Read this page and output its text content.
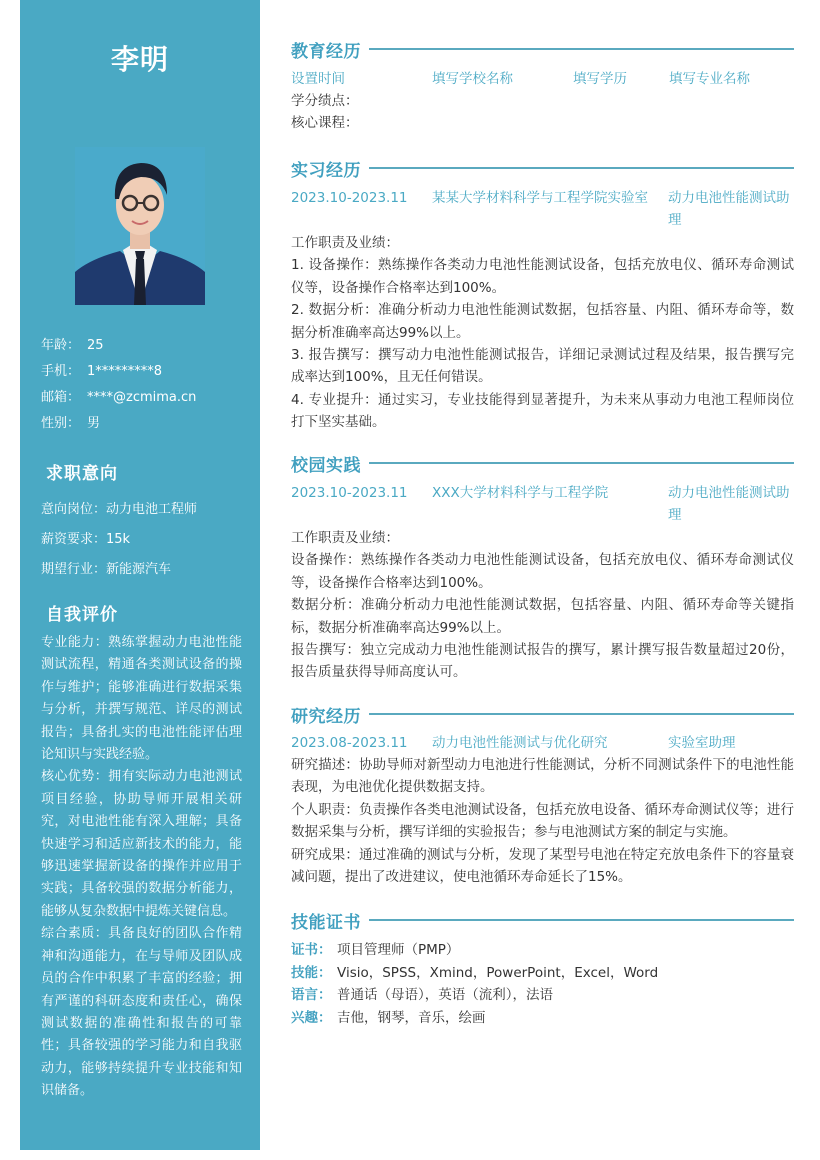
李明
年龄： 25
手机： 1*********8
邮箱： ****@zcmima.cn
性别： 男
求职意向
意向岗位：动力电池工程师
薪资要求：15k
期望行业：新能源汽车
自我评价

专业能力：熟练掌握动力电池性能测试流程，精通各类测试设备的操作与维护；能够准确进行数据采集与分析，并撰写规范、详尽的测试报告；具备扎实的电池性能评估理论知识与实践经验。

核心优势：拥有实际动力电池测试项目经验，协助导师开展相关研究，对电池性能有深入理解；具备快速学习和适应新技术的能力，能够迅速掌握新设备的操作并应用于实践；具备较强的数据分析能力，能够从复杂数据中提炼关键信息。

综合素质：具备良好的团队合作精神和沟通能力，在与导师及团队成员的合作中积累了丰富的经验；拥有严谨的科研态度和责任心，确保测试数据的准确性和报告的可靠性；具备较强的学习能力和自我驱动力，能够持续提升专业技能和知识储备。

教育经历
设置时间	填写学校名称	填写学历	填写专业名称

学分绩点：

核心课程：

实习经历
2023.10-2023.11	某某大学材料科学与工程学院实验室	动力电池性能测试助理

工作职责及业绩：

1. 设备操作：熟练操作各类动力电池性能测试设备，包括充放电仪、循环寿命测试仪等，设备操作合格率达到100%。

2. 数据分析：准确分析动力电池性能测试数据，包括容量、内阻、循环寿命等，数据分析准确率高达99%以上。

3. 报告撰写：撰写动力电池性能测试报告，详细记录测试过程及结果，报告撰写完成率达到100%，且无任何错误。

4. 专业提升：通过实习，专业技能得到显著提升，为未来从事动力电池工程师岗位打下坚实基础。

校园实践
2023.10-2023.11	XXX大学材料科学与工程学院	动力电池性能测试助理

工作职责及业绩：

设备操作：熟练操作各类动力电池性能测试设备，包括充放电仪、循环寿命测试仪等，设备操作合格率达到100%。

数据分析：准确分析动力电池性能测试数据，包括容量、内阻、循环寿命等关键指标，数据分析准确率高达99%以上。

报告撰写：独立完成动力电池性能测试报告的撰写，累计撰写报告数量超过20份，报告质量获得导师高度认可。

研究经历
2023.08-2023.11	动力电池性能测试与优化研究	实验室助理

研究描述：协助导师对新型动力电池进行性能测试，分析不同测试条件下的电池性能表现，为电池优化提供数据支持。

个人职责：负责操作各类电池测试设备，包括充放电设备、循环寿命测试仪等；进行数据采集与分析，撰写详细的实验报告；参与电池测试方案的制定与实施。

研究成果：通过准确的测试与分析，发现了某型号电池在特定充放电条件下的容量衰减问题，提出了改进建议，使电池循环寿命延长了15%。

技能证书
证书： 项目管理师（PMP）
技能： Visio，SPSS，Xmind，PowerPoint，Excel，Word
语言： 普通话（母语），英语（流利），法语
兴趣： 吉他，钢琴，音乐，绘画
